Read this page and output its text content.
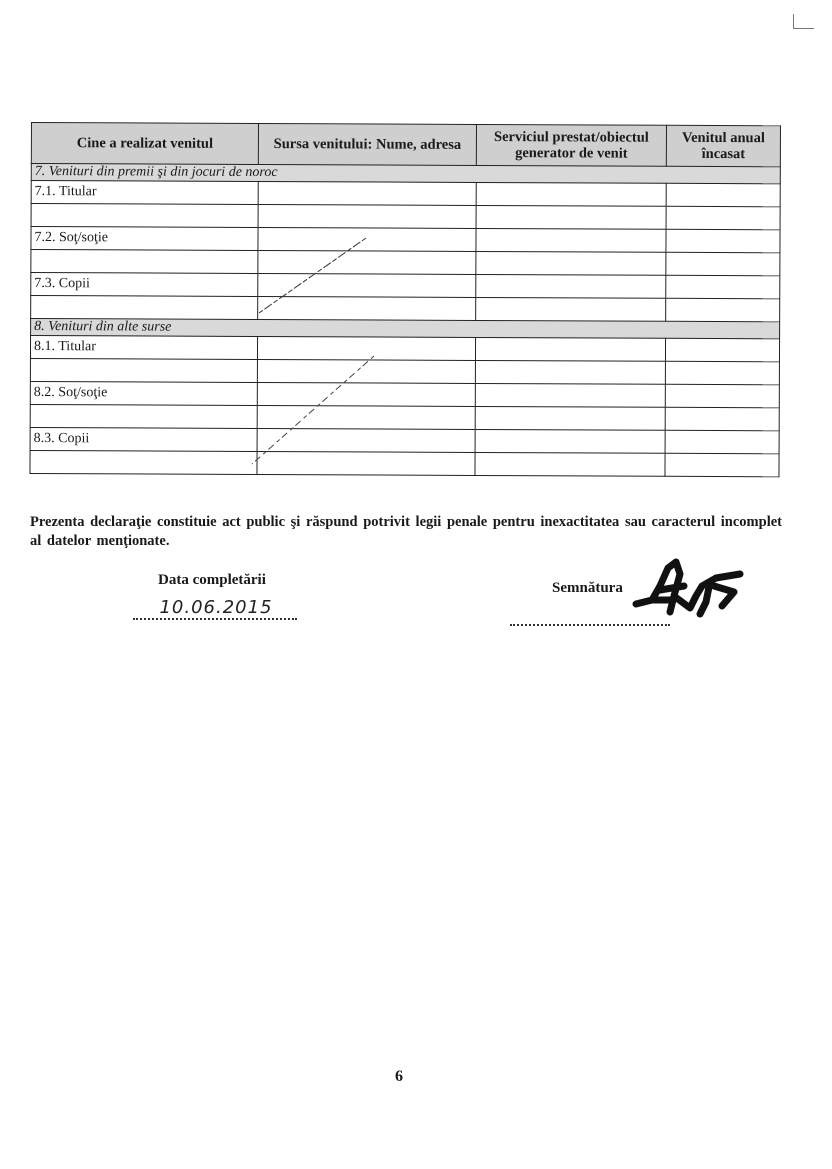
Cine a realizat venitul	Sursa venitului: Nume, adresa	Serviciul prestat/obiectul generator de venit	Venitul anual încasat
7. Venituri din premii şi din jocuri de noroc			
7.1. Titular			

7.2. Soţ/soţie			

7.3. Copii			

8. Venituri din alte surse			
8.1. Titular			

8.2. Soţ/soţie			

8.3. Copii			

Prezenta declaraţie constituie act public şi răspund potrivit legii penale pentru inexactitatea sau caracterul incomplet al datelor menţionate.
Data completării
10.06.2015
Semnătura
6
